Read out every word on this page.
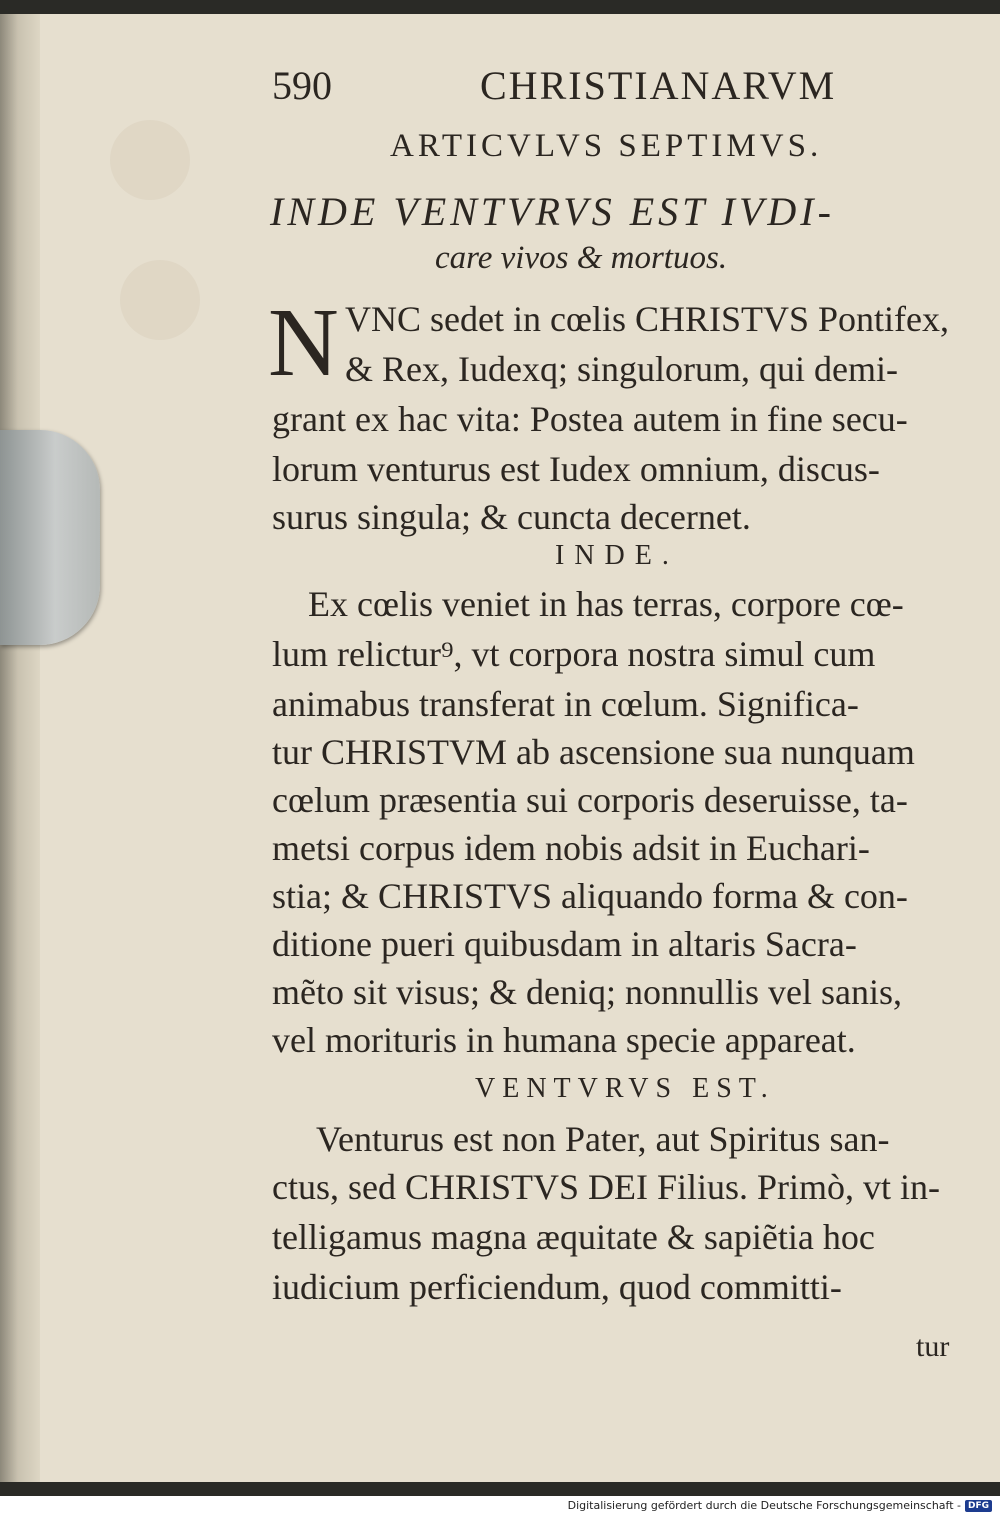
590	CHRISTIANARVM
ARTICVLVS SEPTIMVS.
INDE VENTVRVS EST IVDI-
care vivos & mortuos.
N VNC sedet in cœlis CHRISTVS Pontifex,
& Rex, Iudexq; singulorum, qui demi-
grant ex hac vita: Postea autem in fine secu-
lorum venturus est Iudex omnium, discus-
surus singula; & cuncta decernet.
INDE.
Ex cœlis veniet in has terras, corpore cœ-
lum relictur⁹, vt corpora nostra simul cum
animabus transferat in cœlum. Significa-
tur CHRISTVM ab ascensione sua nunquam
cœlum præsentia sui corporis deseruisse, ta-
metsi corpus idem nobis adsit in Euchari-
stia; & CHRISTVS aliquando forma & con-
ditione pueri quibusdam in altaris Sacra-
mẽto sit visus; & deniq; nonnullis vel sanis,
vel morituris in humana specie appareat.
VENTVRVS EST.
Venturus est non Pater, aut Spiritus san-
ctus, sed CHRISTVS DEI Filius. Primò, vt in-
telligamus magna æquitate & sapiẽtia hoc
iudicium perficiendum, quod committi-
tur
Digitalisierung gefördert durch die Deutsche Forschungsgemeinschaft - DFG
